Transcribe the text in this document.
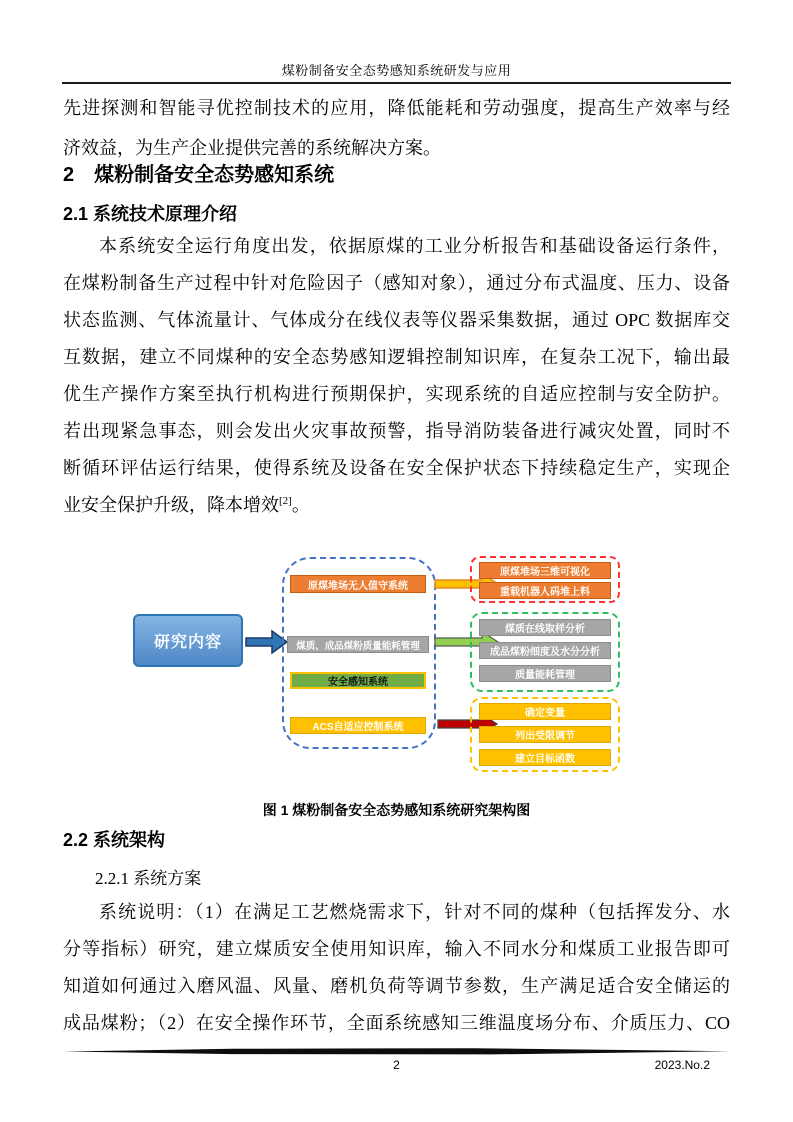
煤粉制备安全态势感知系统研发与应用
先进探测和智能寻优控制技术的应用，降低能耗和劳动强度，提高生产效率与经
济效益，为生产企业提供完善的系统解决方案。
2　煤粉制备安全态势感知系统
2.1 系统技术原理介绍
本系统安全运行角度出发，依据原煤的工业分析报告和基础设备运行条件，
在煤粉制备生产过程中针对危险因子（感知对象），通过分布式温度、压力、设备
状态监测、气体流量计、气体成分在线仪表等仪器采集数据，通过 OPC 数据库交
互数据，建立不同煤种的安全态势感知逻辑控制知识库，在复杂工况下，输出最
优生产操作方案至执行机构进行预期保护，实现系统的自适应控制与安全防护。
若出现紧急事态，则会发出火灾事故预警，指导消防装备进行减灾处置，同时不
断循环评估运行结果，使得系统及设备在安全保护状态下持续稳定生产，实现企
业安全保护升级，降本增效[2]。
研究内容
原煤堆场无人值守系统
煤质、成品煤粉质量能耗管理
安全感知系统
ACS自适应控制系统
原煤堆场三维可视化
重载机器人码堆上料
煤质在线取样分析
成品煤粉细度及水分分析
质量能耗管理
确定变量
列出受限调节
建立目标函数
图 1 煤粉制备安全态势感知系统研究架构图
2.2 系统架构
2.2.1 系统方案
系统说明：（1）在满足工艺燃烧需求下，针对不同的煤种（包括挥发分、水
分等指标）研究，建立煤质安全使用知识库，输入不同水分和煤质工业报告即可
知道如何通过入磨风温、风量、磨机负荷等调节参数，生产满足适合安全储运的
成品煤粉；（2）在安全操作环节，全面系统感知三维温度场分布、介质压力、CO
2	2023.No.2
